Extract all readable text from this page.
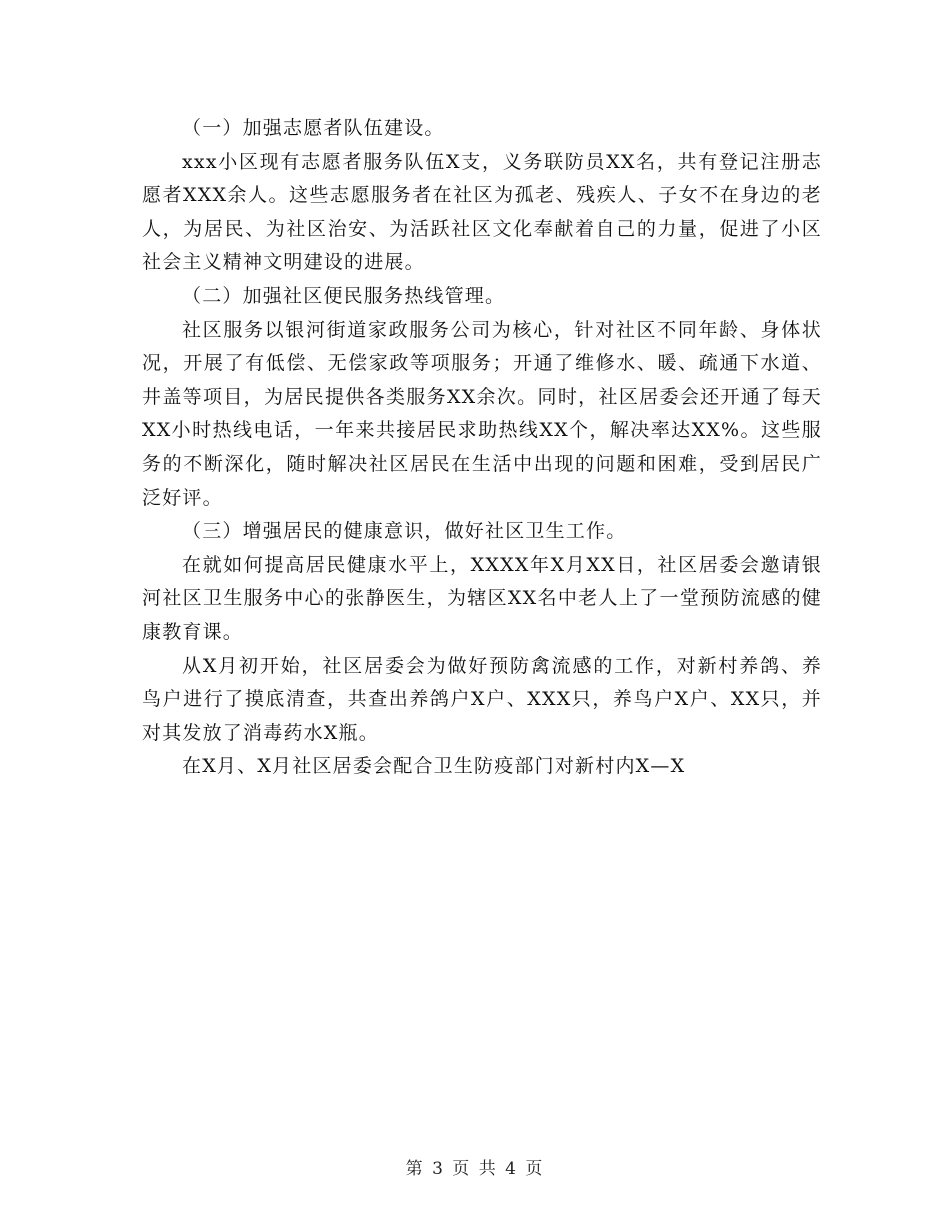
（一）加强志愿者队伍建设。

xxx小区现有志愿者服务队伍X支，义务联防员XX名，共有登记注册志愿者XXX余人。这些志愿服务者在社区为孤老、残疾人、子女不在身边的老人，为居民、为社区治安、为活跃社区文化奉献着自己的力量，促进了小区社会主义精神文明建设的进展。

（二）加强社区便民服务热线管理。

社区服务以银河街道家政服务公司为核心，针对社区不同年龄、身体状况，开展了有低偿、无偿家政等项服务；开通了维修水、暖、疏通下水道、井盖等项目，为居民提供各类服务XX余次。同时，社区居委会还开通了每天XX小时热线电话，一年来共接居民求助热线XX个，解决率达XX%。这些服务的不断深化，随时解决社区居民在生活中出现的问题和困难，受到居民广泛好评。

（三）增强居民的健康意识，做好社区卫生工作。

在就如何提高居民健康水平上，XXXX年X月XX日，社区居委会邀请银河社区卫生服务中心的张静医生，为辖区XX名中老人上了一堂预防流感的健康教育课。

从X月初开始，社区居委会为做好预防禽流感的工作，对新村养鸽、养鸟户进行了摸底清查，共查出养鸽户X户、XXX只，养鸟户X户、XX只，并对其发放了消毒药水X瓶。

在X月、X月社区居委会配合卫生防疫部门对新村内X—X

第 3 页 共 4 页
